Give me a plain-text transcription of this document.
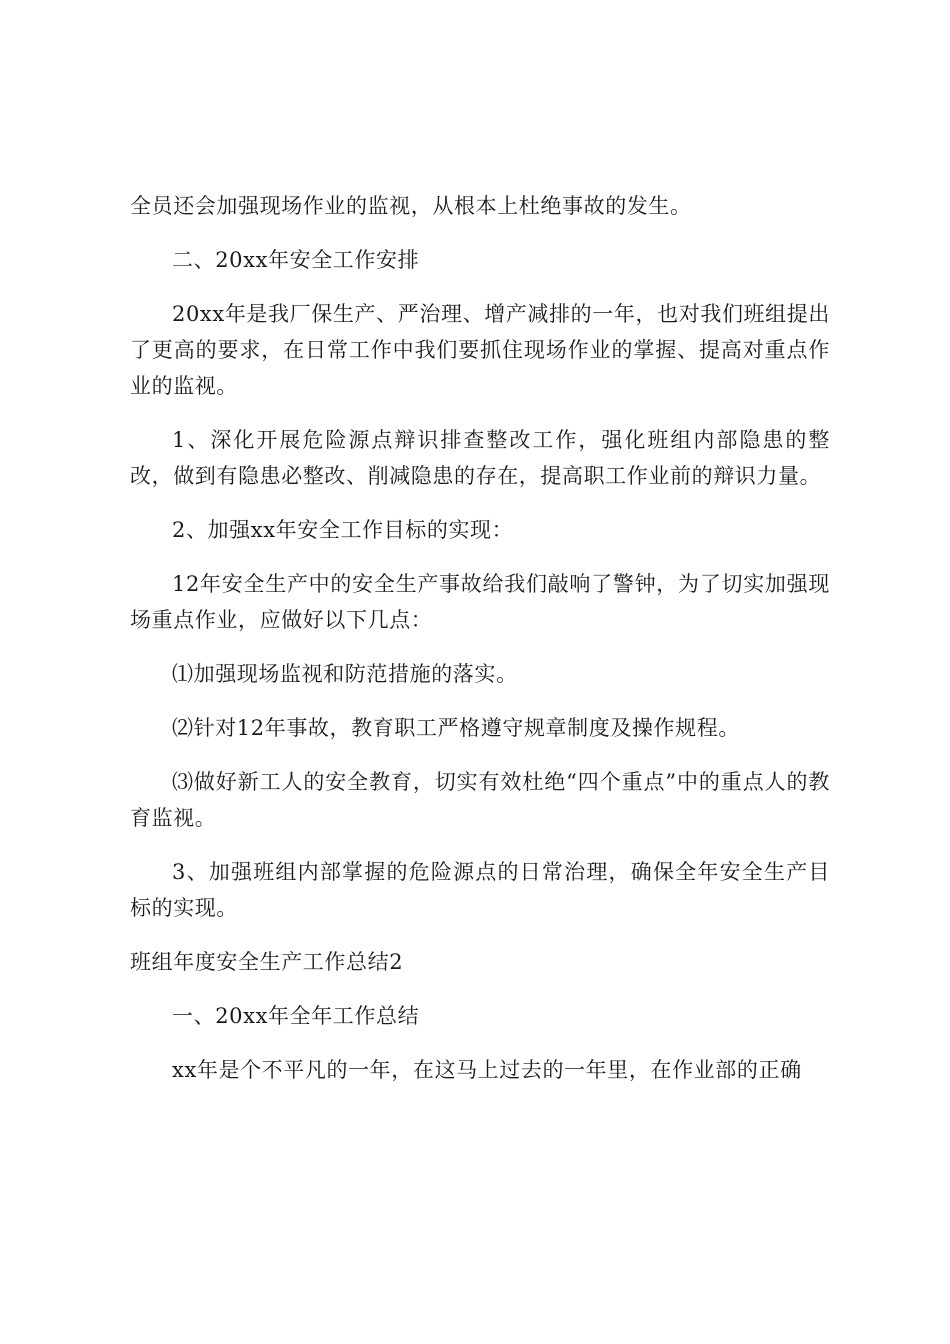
全员还会加强现场作业的监视，从根本上杜绝事故的发生。

二、20xx年安全工作安排

20xx年是我厂保生产、严治理、增产减排的一年，也对我们班组提出了更高的要求，在日常工作中我们要抓住现场作业的掌握、提高对重点作业的监视。

1、深化开展危险源点辩识排查整改工作，强化班组内部隐患的整改，做到有隐患必整改、削减隐患的存在，提高职工作业前的辩识力量。

2、加强xx年安全工作目标的实现：

12年安全生产中的安全生产事故给我们敲响了警钟，为了切实加强现场重点作业，应做好以下几点：

⑴加强现场监视和防范措施的落实。

⑵针对12年事故，教育职工严格遵守规章制度及操作规程。

⑶做好新工人的安全教育，切实有效杜绝“四个重点”中的重点人的教育监视。

3、加强班组内部掌握的危险源点的日常治理，确保全年安全生产目标的实现。

班组年度安全生产工作总结2

一、20xx年全年工作总结

xx年是个不平凡的一年，在这马上过去的一年里，在作业部的正确
